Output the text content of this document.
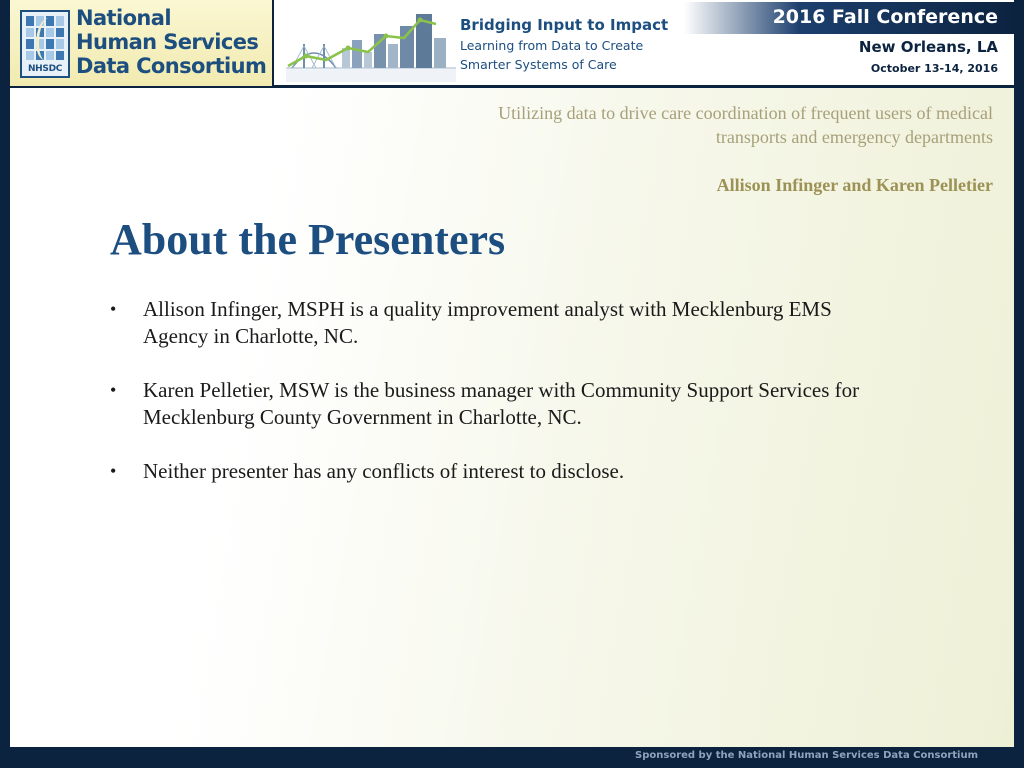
NHSDC
National
Human Services
Data Consortium
Bridging Input to Impact
Learning from Data to Create
Smarter Systems of Care
2016 Fall Conference
New Orleans, LA
October 13-14, 2016
Utilizing data to drive care coordination of frequent users of medical transports and emergency departments
Allison Infinger and Karen Pelletier
About the Presenters
• Allison Infinger, MSPH is a quality improvement analyst with Mecklenburg EMS Agency in Charlotte, NC.
• Karen Pelletier, MSW is the business manager with Community Support Services for Mecklenburg County Government in Charlotte, NC.
• Neither presenter has any conflicts of interest to disclose.
Sponsored by the National Human Services Data Consortium
